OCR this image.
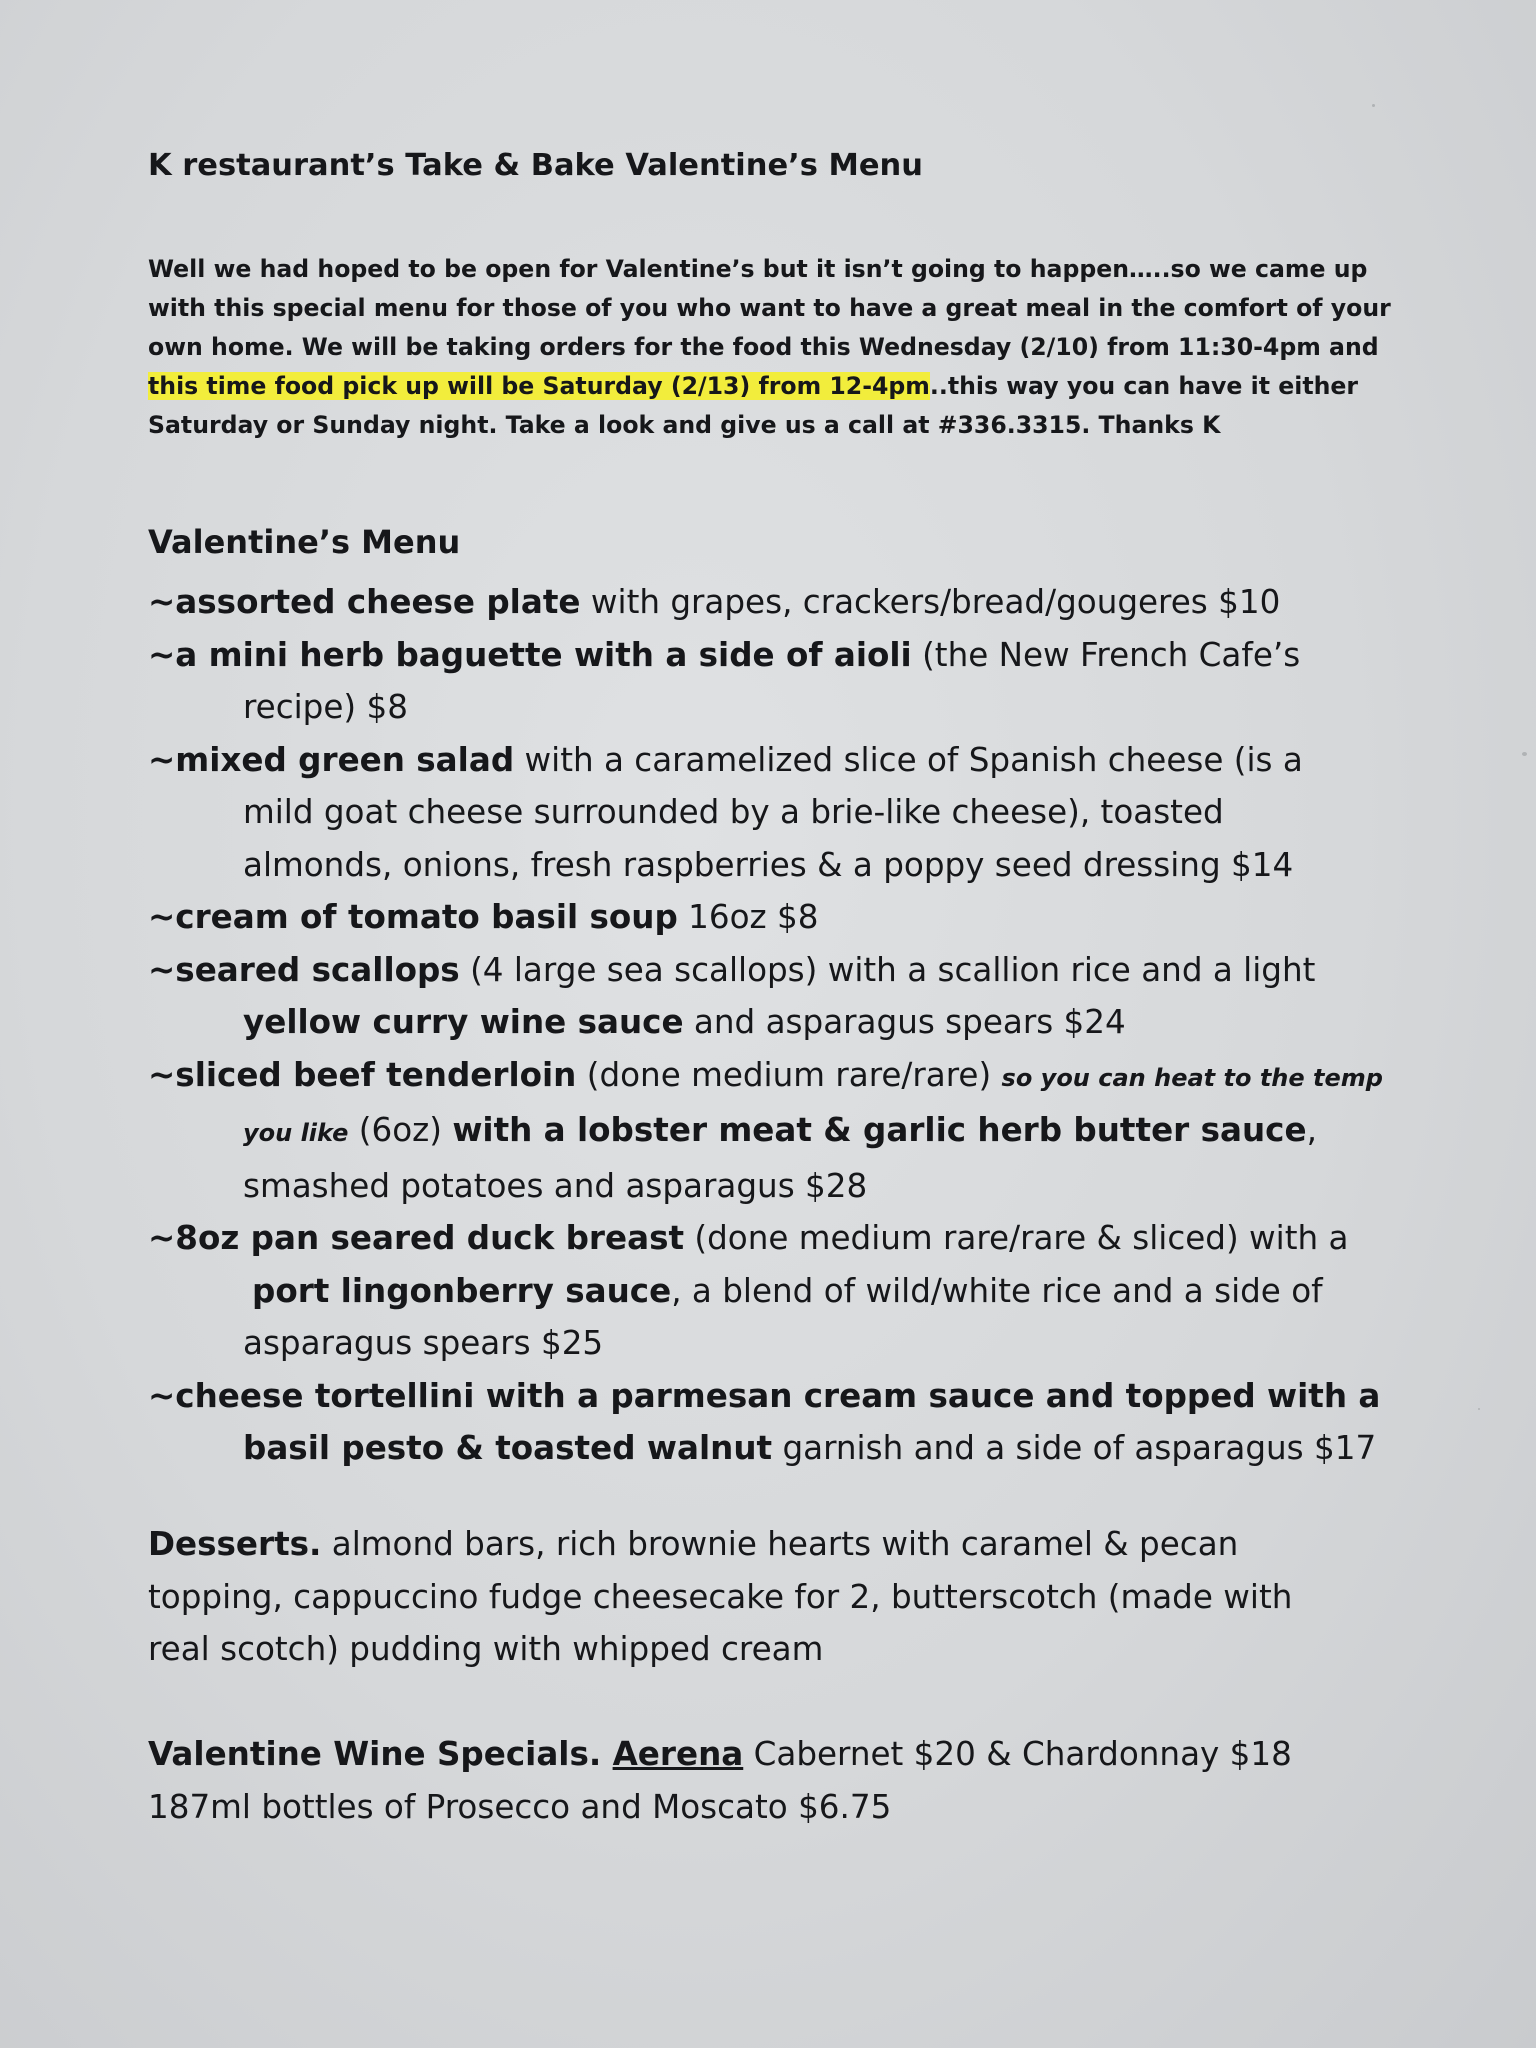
K restaurant’s Take & Bake Valentine’s Menu
Well we had hoped to be open for Valentine’s but it isn’t going to happen…..so we came up
with this special menu for those of you who want to have a great meal in the comfort of your
own home. We will be taking orders for the food this Wednesday (2/10) from 11:30-4pm and
this time food pick up will be Saturday (2/13) from 12-4pm..this way you can have it either
Saturday or Sunday night. Take a look and give us a call at #336.3315. Thanks K
Valentine’s Menu
~assorted cheese plate with grapes, crackers/bread/gougeres $10
~a mini herb baguette with a side of aioli (the New French Cafe’s
recipe) $8
~mixed green salad with a caramelized slice of Spanish cheese (is a
mild goat cheese surrounded by a brie-like cheese), toasted
almonds, onions, fresh raspberries & a poppy seed dressing $14
~cream of tomato basil soup 16oz $8
~seared scallops (4 large sea scallops) with a scallion rice and a light
yellow curry wine sauce and asparagus spears $24
~sliced beef tenderloin (done medium rare/rare) so you can heat to the temp
you like (6oz) with a lobster meat & garlic herb butter sauce,
smashed potatoes and asparagus $28
~8oz pan seared duck breast (done medium rare/rare & sliced) with a
port lingonberry sauce, a blend of wild/white rice and a side of
asparagus spears $25
~cheese tortellini with a parmesan cream sauce and topped with a
basil pesto & toasted walnut garnish and a side of asparagus $17
Desserts. almond bars, rich brownie hearts with caramel & pecan
topping, cappuccino fudge cheesecake for 2, butterscotch (made with
real scotch) pudding with whipped cream
Valentine Wine Specials. Aerena Cabernet $20 & Chardonnay $18
187ml bottles of Prosecco and Moscato $6.75
